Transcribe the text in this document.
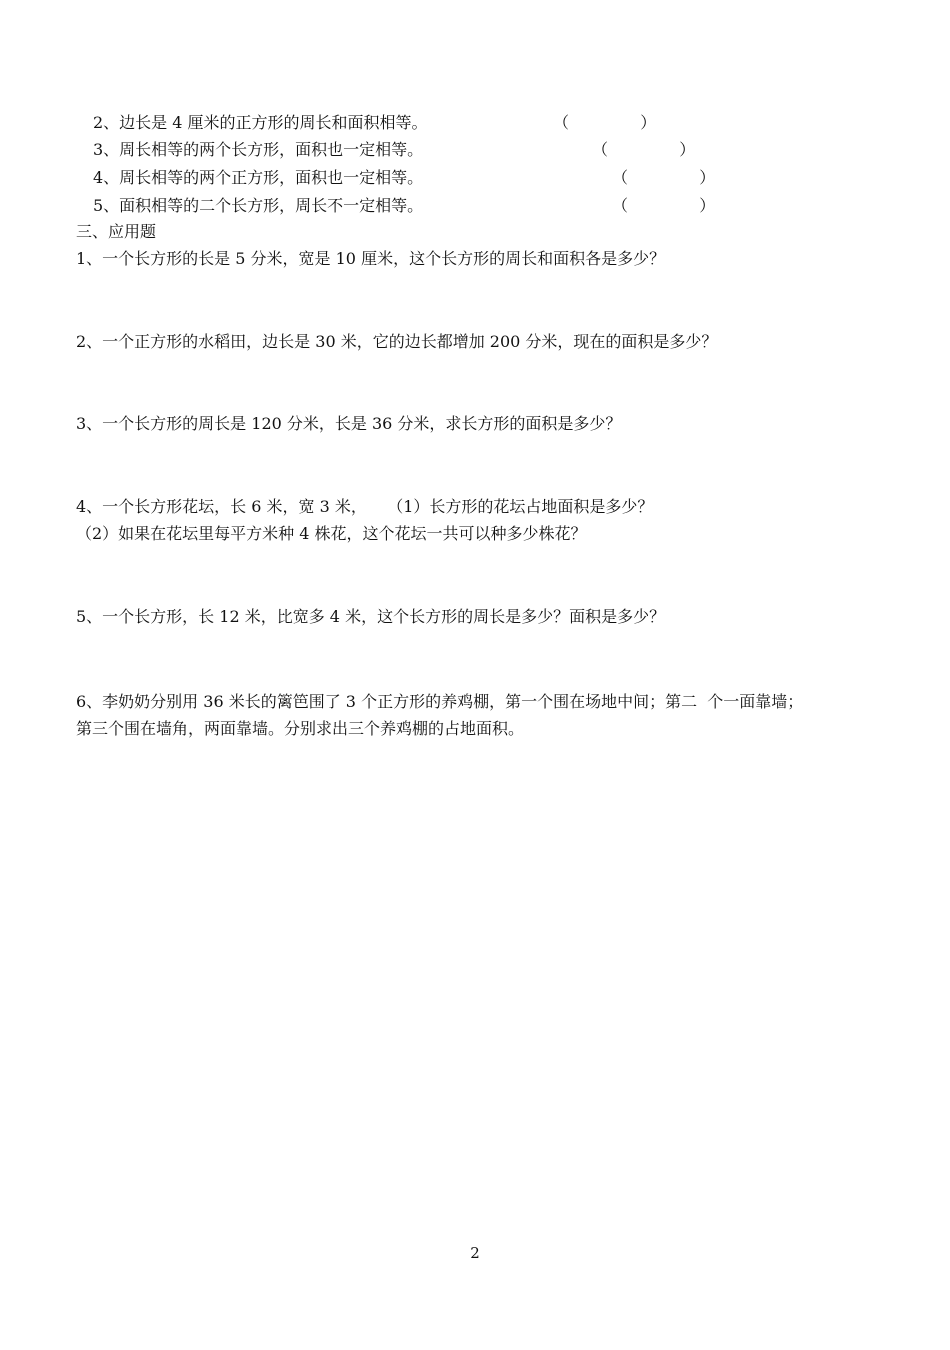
2、边长是 4 厘米的正方形的周长和面积相等。	（              ）
3、周长相等的两个长方形，面积也一定相等。	（              ）
4、周长相等的两个正方形，面积也一定相等。	（              ）
5、面积相等的二个长方形，周长不一定相等。	（              ）
三、应用题
1、一个长方形的长是 5 分米，宽是 10 厘米，这个长方形的周长和面积各是多少？
2、一个正方形的水稻田，边长是 30 米，它的边长都增加 200 分米，现在的面积是多少？
3、一个长方形的周长是 120 分米，长是 36 分米，求长方形的面积是多少？
4、一个长方形花坛，长 6 米，宽 3 米，    （1）长方形的花坛占地面积是多少？
（2）如果在花坛里每平方米种 4 株花，这个花坛一共可以种多少株花？
5、一个长方形，长 12 米，比宽多 4 米，这个长方形的周长是多少？面积是多少？
6、李奶奶分别用 36 米长的篱笆围了 3 个正方形的养鸡棚，第一个围在场地中间；第二  个一面靠墙；
第三个围在墙角，两面靠墙。分别求出三个养鸡棚的占地面积。
2
